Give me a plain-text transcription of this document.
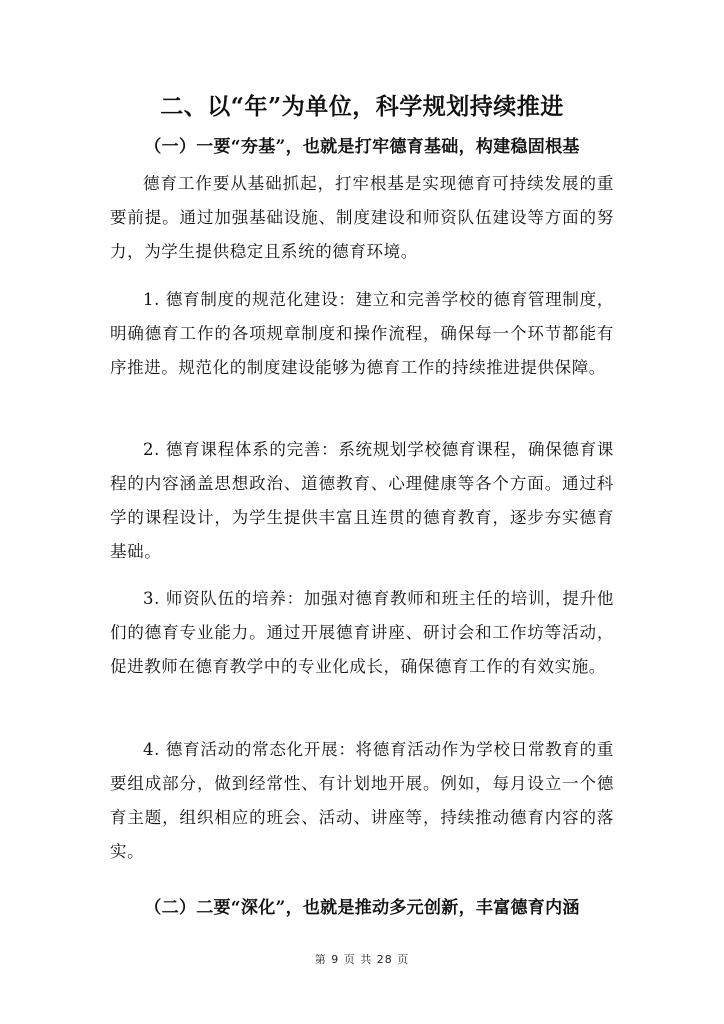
二、以“年”为单位，科学规划持续推进
（一）一要“夯基”，也就是打牢德育基础，构建稳固根基

德育工作要从基础抓起，打牢根基是实现德育可持续发展的重要前提。通过加强基础设施、制度建设和师资队伍建设等方面的努力，为学生提供稳定且系统的德育环境。

1. 德育制度的规范化建设：建立和完善学校的德育管理制度，明确德育工作的各项规章制度和操作流程，确保每一个环节都能有序推进。规范化的制度建设能够为德育工作的持续推进提供保障。

2. 德育课程体系的完善：系统规划学校德育课程，确保德育课程的内容涵盖思想政治、道德教育、心理健康等各个方面。通过科学的课程设计，为学生提供丰富且连贯的德育教育，逐步夯实德育基础。

3. 师资队伍的培养：加强对德育教师和班主任的培训，提升他们的德育专业能力。通过开展德育讲座、研讨会和工作坊等活动，促进教师在德育教学中的专业化成长，确保德育工作的有效实施。

4. 德育活动的常态化开展：将德育活动作为学校日常教育的重要组成部分，做到经常性、有计划地开展。例如，每月设立一个德育主题，组织相应的班会、活动、讲座等，持续推动德育内容的落实。

（二）二要“深化”，也就是推动多元创新，丰富德育内涵
第 9 页 共 28 页
